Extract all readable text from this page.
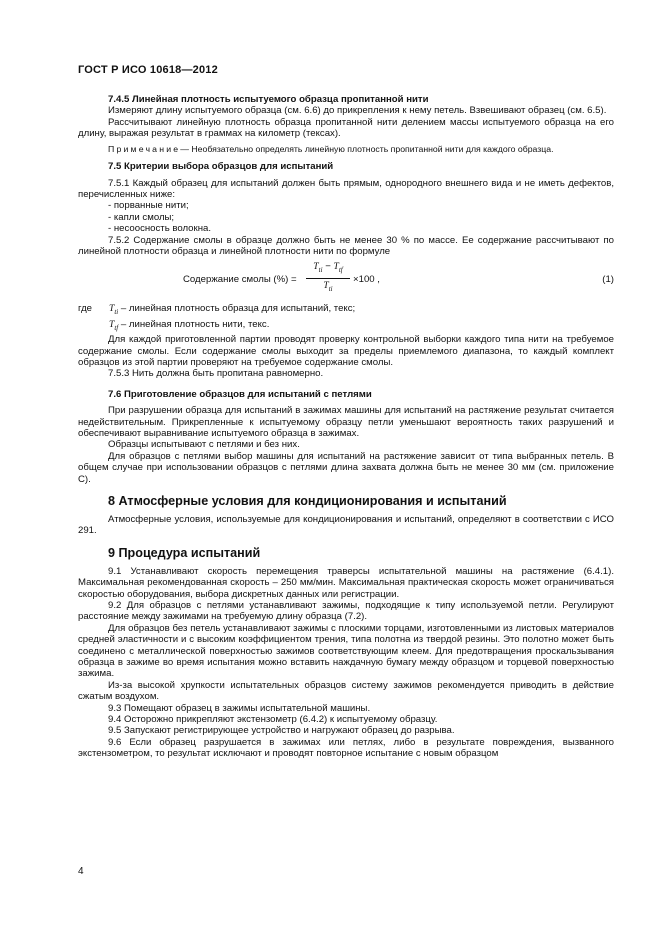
ГОСТ Р ИСО 10618—2012

7.4.5 Линейная плотность испытуемого образца пропитанной нити

Измеряют длину испытуемого образца (см. 6.6) до прикрепления к нему петель. Взвешивают образец (см. 6.5).

Рассчитывают линейную плотность образца пропитанной нити делением массы испытуемого образца на его длину, выражая результат в граммах на километр (тексах).

Примечание— Необязательно определять линейную плотность пропитанной нити для каждого образца.

7.5 Критерии выбора образцов для испытаний

7.5.1 Каждый образец для испытаний должен быть прямым, однородного внешнего вида и не иметь дефектов, перечисленных ниже:

- порванные нити;
- капли смолы;
- несоосность волокна.

7.5.2 Содержание смолы в образце должно быть не менее 30 % по массе. Ее содержание рассчитывают по линейной плотности образца и линейной плотности нити по формуле

Содержание смолы (%) =
$T_{ti} - T_{tf}$
$T_{ti}$
×100 ,	(1)
где	$T_{ti}$ – линейная плотность образца для испытаний, текс;
$T_{tf}$ – линейная плотность нити, текс.

Для каждой приготовленной партии проводят проверку контрольной выборки каждого типа нити на требуемое содержание смолы. Если содержание смолы выходит за пределы приемлемого диапазона, то каждый комплект образцов из этой партии проверяют на требуемое содержание смолы.

7.5.3 Нить должна быть пропитана равномерно.

7.6 Приготовление образцов для испытаний с петлями

При разрушении образца для испытаний в зажимах машины для испытаний на растяжение результат считается недействительным. Прикрепленные к испытуемому образцу петли уменьшают вероятность таких разрушений и обеспечивают выравнивание испытуемого образца в зажимах.

Образцы испытывают с петлями и без них.

Для образцов с петлями выбор машины для испытаний на растяжение зависит от типа выбранных петель. В общем случае при использовании образцов с петлями длина захвата должна быть не менее 30 мм (см. приложение С).

8 Атмосферные условия для кондиционирования и испытаний

Атмосферные условия, используемые для кондиционирования и испытаний, определяют в соответствии с ИСО 291.

9 Процедура испытаний

9.1 Устанавливают скорость перемещения траверсы испытательной машины на растяжение (6.4.1). Максимальная рекомендованная скорость – 250 мм/мин. Максимальная практическая скорость может ограничиваться скоростью оборудования, выбора дискретных данных или регистрации.

9.2 Для образцов с петлями устанавливают зажимы, подходящие к типу используемой петли. Регулируют расстояние между зажимами на требуемую длину образца (7.2).

Для образцов без петель устанавливают зажимы с плоскими торцами, изготовленными из листовых материалов средней эластичности и с высоким коэффициентом трения, типа полотна из твердой резины. Это полотно может быть соединено с металлической поверхностью зажимов соответствующим клеем. Для предотвращения проскальзывания образца в зажиме во время испытания можно вставить наждачную бумагу между образцом и торцевой поверхностью зажима.

Из-за высокой хрупкости испытательных образцов систему зажимов рекомендуется приводить в действие сжатым воздухом.

9.3 Помещают образец в зажимы испытательной машины.

9.4 Осторожно прикрепляют экстензометр (6.4.2) к испытуемому образцу.

9.5 Запускают регистрирующее устройство и нагружают образец до разрыва.

9.6 Если образец разрушается в зажимах или петлях, либо в результате повреждения, вызванного экстензометром, то результат исключают и проводят повторное испытание с новым образцом

4
